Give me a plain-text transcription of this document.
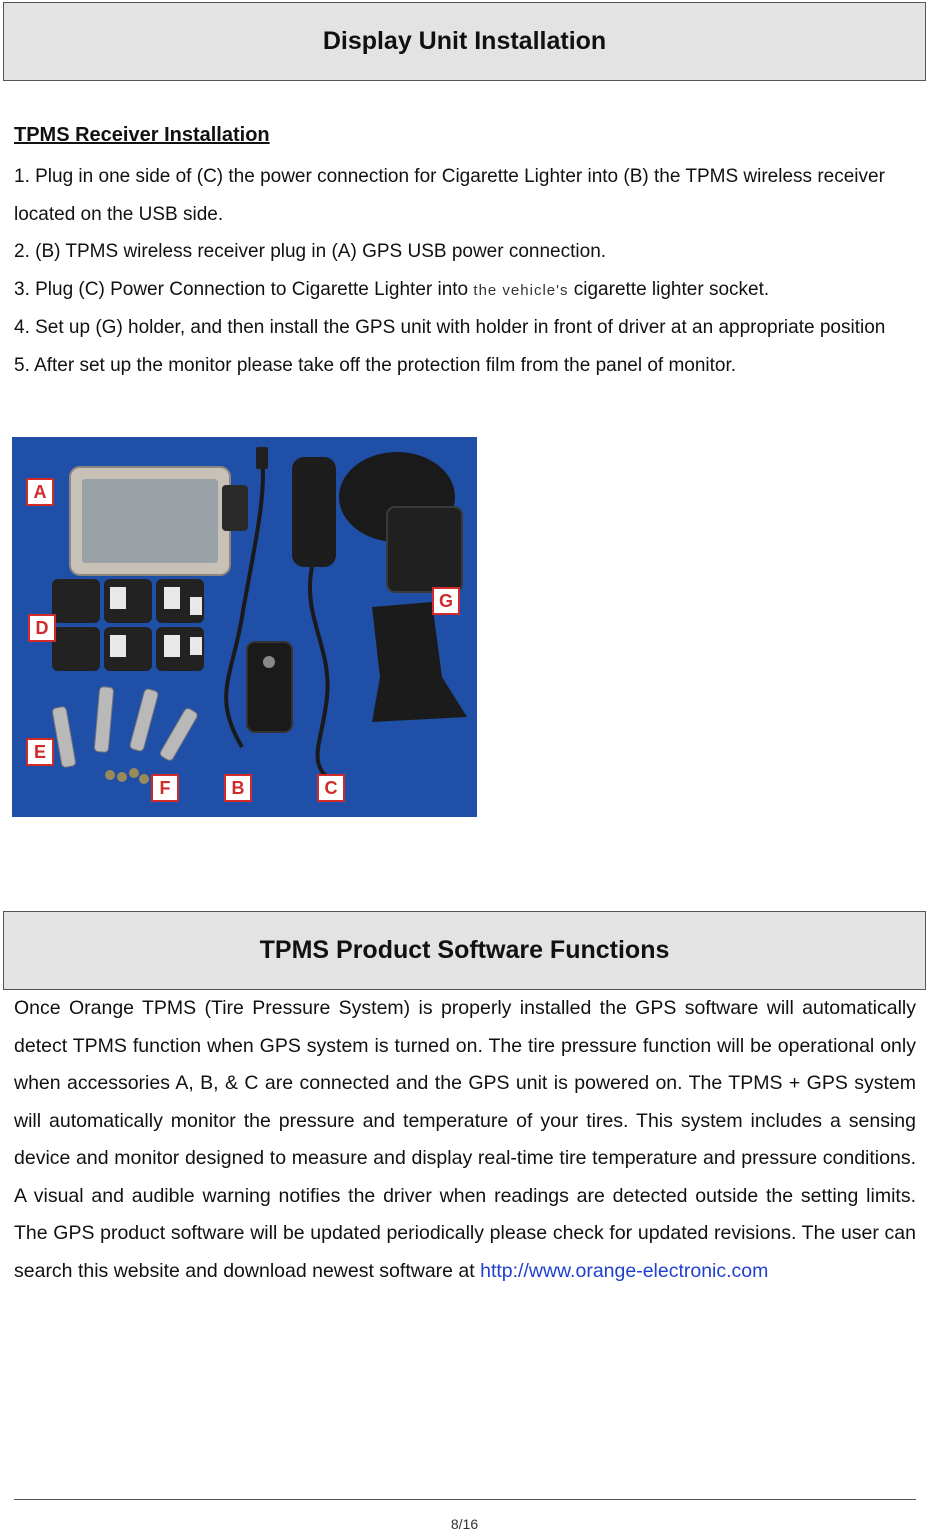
Display Unit Installation
TPMS Receiver Installation
1. Plug in one side of (C) the power connection for Cigarette Lighter into (B) the TPMS wireless receiver located on the USB side.
2. (B) TPMS wireless receiver plug in (A) GPS USB power connection.
3. Plug (C) Power Connection to Cigarette Lighter into the vehicle's cigarette lighter socket.
4. Set up (G) holder, and then install the GPS unit with holder in front of driver at an appropriate position
5. After set up the monitor please take off the protection film from the panel of monitor.
A
D
E
F	B	C
G
TPMS Product Software Functions

Once Orange TPMS (Tire Pressure System) is properly installed the GPS software will automatically detect TPMS function when GPS system is turned on. The tire pressure function will be operational only when accessories A, B, & C are connected and the GPS unit is powered on. The TPMS + GPS system will automatically monitor the pressure and temperature of your tires. This system includes a sensing device and monitor designed to measure and display real-time tire temperature and pressure conditions. A visual and audible warning notifies the driver when readings are detected outside the setting limits. The GPS product software will be updated periodically please check for updated revisions. The user can search this website and download newest software at http://www.orange-electronic.com

8/16
